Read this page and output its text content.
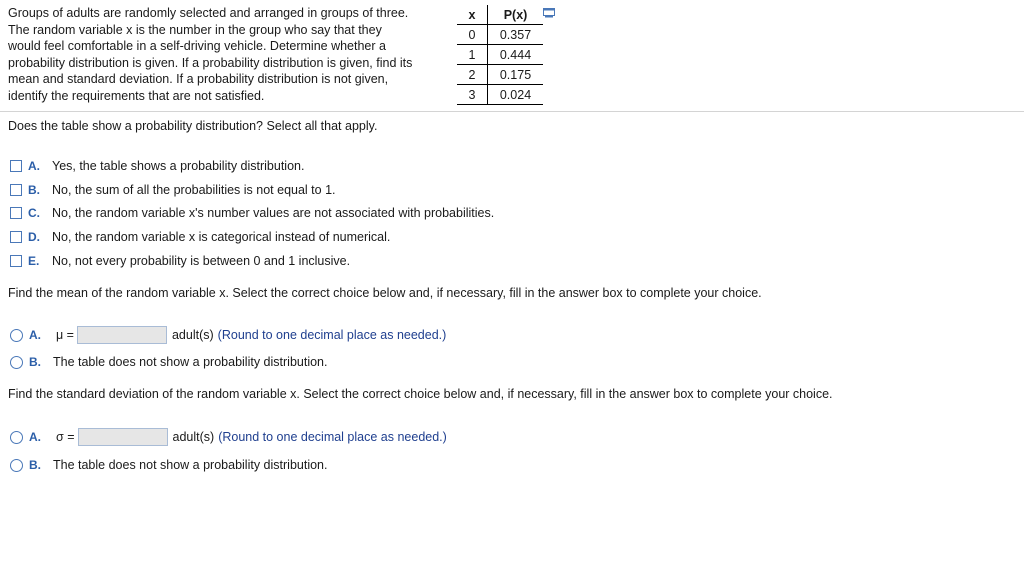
Groups of adults are randomly selected and arranged in groups of three.
The random variable x is the number in the group who say that they
would feel comfortable in a self-driving vehicle. Determine whether a
probability distribution is given. If a probability distribution is given, find its
mean and standard deviation. If a probability distribution is not given,
identify the requirements that are not satisfied.
x	P(x)
0	0.357
1	0.444
2	0.175
3	0.024
Does the table show a probability distribution? Select all that apply.
A. Yes, the table shows a probability distribution.
B. No, the sum of all the probabilities is not equal to 1.
C. No, the random variable x's number values are not associated with probabilities.
D. No, the random variable x is categorical instead of numerical.
E.	No, not every probability is between 0 and 1 inclusive.
Find the mean of the random variable x. Select the correct choice below and, if necessary, fill in the answer box to complete your choice.
A.	μ =	adult(s) (Round to one decimal place as needed.)
B. The table does not show a probability distribution.
Find the standard deviation of the random variable x. Select the correct choice below and, if necessary, fill in the answer box to complete your choice.
A.	σ =	adult(s) (Round to one decimal place as needed.)
B. The table does not show a probability distribution.
